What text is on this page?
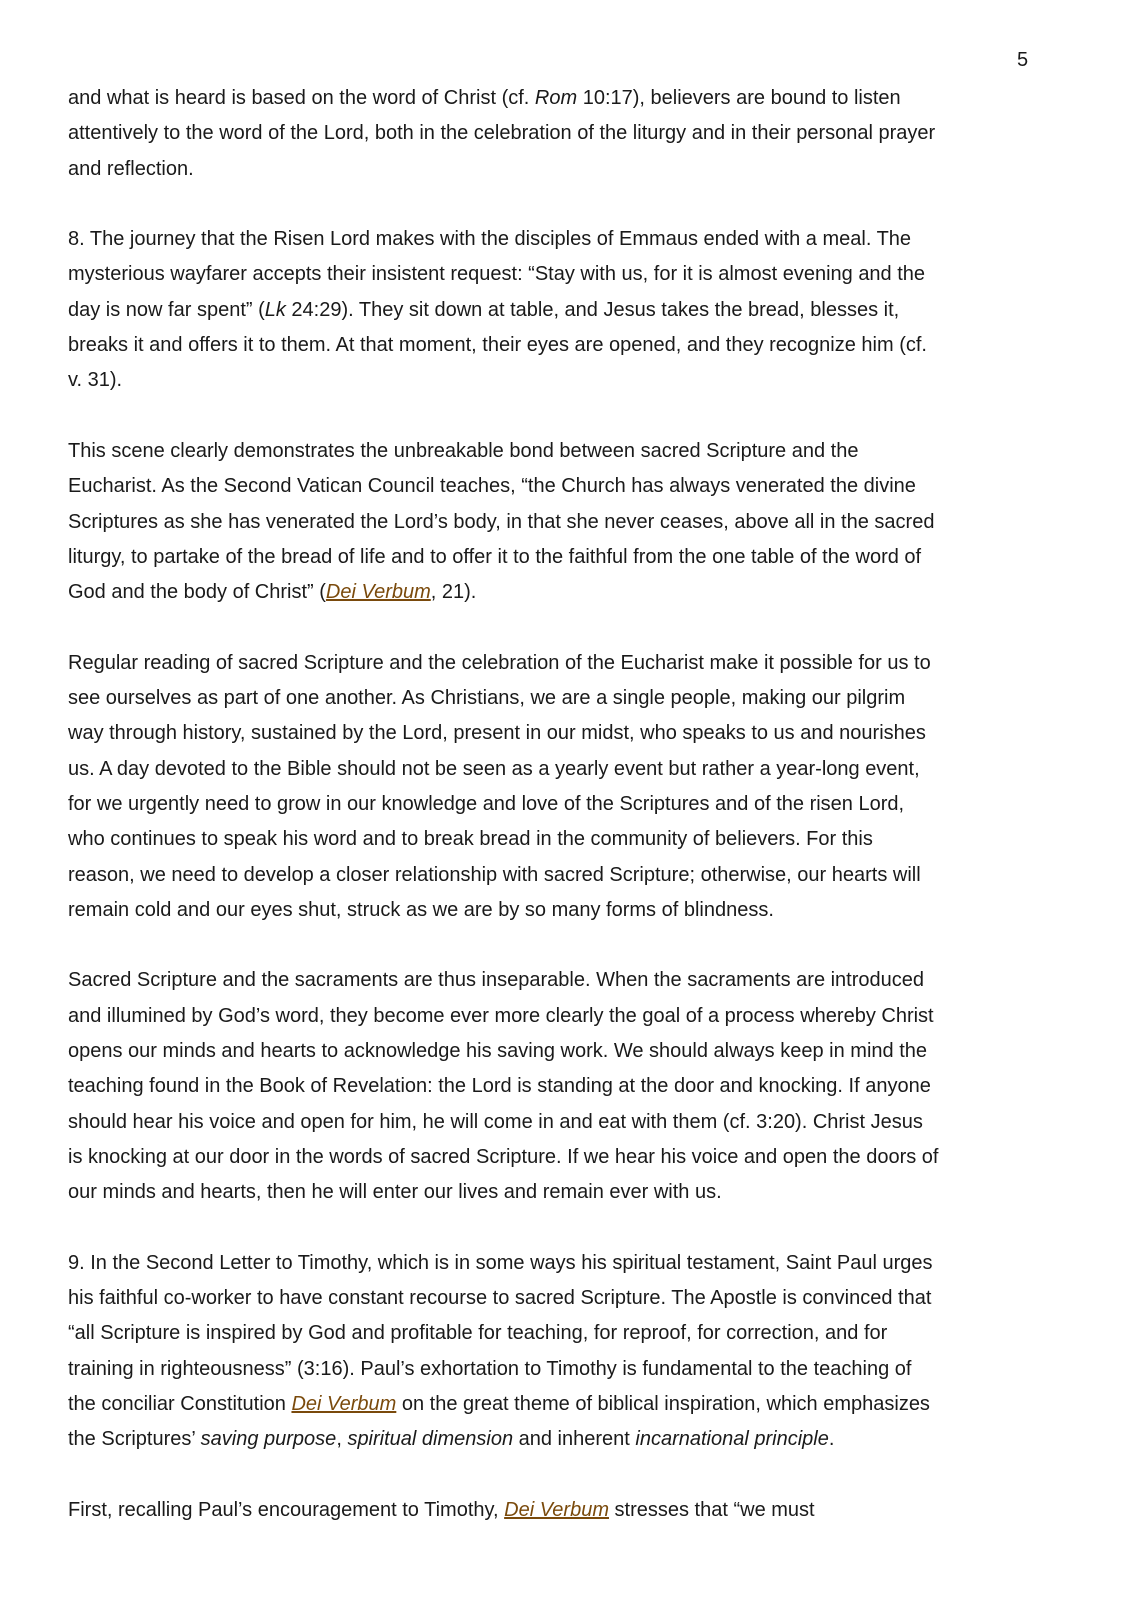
5

and what is heard is based on the word of Christ (cf. Rom 10:17), believers are bound to listen
attentively to the word of the Lord, both in the celebration of the liturgy and in their personal prayer
and reflection.

8. The journey that the Risen Lord makes with the disciples of Emmaus ended with a meal. The
mysterious wayfarer accepts their insistent request: “Stay with us, for it is almost evening and the
day is now far spent” (Lk 24:29). They sit down at table, and Jesus takes the bread, blesses it,
breaks it and offers it to them. At that moment, their eyes are opened, and they recognize him (cf.
v. 31).

This scene clearly demonstrates the unbreakable bond between sacred Scripture and the
Eucharist. As the Second Vatican Council teaches, “the Church has always venerated the divine
Scriptures as she has venerated the Lord’s body, in that she never ceases, above all in the sacred
liturgy, to partake of the bread of life and to offer it to the faithful from the one table of the word of
God and the body of Christ” (Dei Verbum, 21).

Regular reading of sacred Scripture and the celebration of the Eucharist make it possible for us to
see ourselves as part of one another. As Christians, we are a single people, making our pilgrim
way through history, sustained by the Lord, present in our midst, who speaks to us and nourishes
us. A day devoted to the Bible should not be seen as a yearly event but rather a year-long event,
for we urgently need to grow in our knowledge and love of the Scriptures and of the risen Lord,
who continues to speak his word and to break bread in the community of believers. For this
reason, we need to develop a closer relationship with sacred Scripture; otherwise, our hearts will
remain cold and our eyes shut, struck as we are by so many forms of blindness.

Sacred Scripture and the sacraments are thus inseparable. When the sacraments are introduced
and illumined by God’s word, they become ever more clearly the goal of a process whereby Christ
opens our minds and hearts to acknowledge his saving work. We should always keep in mind the
teaching found in the Book of Revelation: the Lord is standing at the door and knocking. If anyone
should hear his voice and open for him, he will come in and eat with them (cf. 3:20). Christ Jesus
is knocking at our door in the words of sacred Scripture. If we hear his voice and open the doors of
our minds and hearts, then he will enter our lives and remain ever with us.

9. In the Second Letter to Timothy, which is in some ways his spiritual testament, Saint Paul urges
his faithful co-worker to have constant recourse to sacred Scripture. The Apostle is convinced that
“all Scripture is inspired by God and profitable for teaching, for reproof, for correction, and for
training in righteousness” (3:16). Paul’s exhortation to Timothy is fundamental to the teaching of
the conciliar Constitution Dei Verbum on the great theme of biblical inspiration, which emphasizes
the Scriptures’ saving purpose, spiritual dimension and inherent incarnational principle.

First, recalling Paul’s encouragement to Timothy, Dei Verbum stresses that “we must
